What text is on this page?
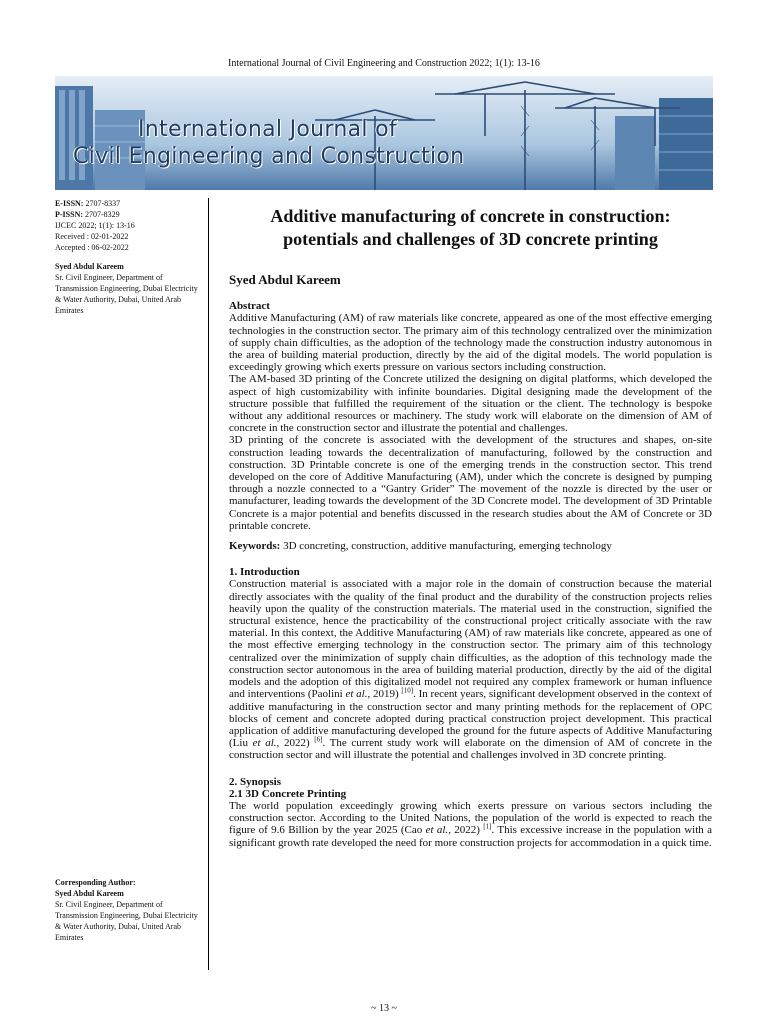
International Journal of Civil Engineering and Construction 2022; 1(1): 13-16
International Journal of
Civil Engineering and Construction
E-ISSN: 2707-8337
P-ISSN: 2707-8329
IJCEC 2022; 1(1): 13-16
Received : 02-01-2022
Accepted : 06-02-2022
Syed Abdul Kareem
Sr. Civil Engineer, Department of Transmission Engineering, Dubai Electricity & Water Authority, Dubai, United Arab Emirates
Corresponding Author:
Syed Abdul Kareem
Sr. Civil Engineer, Department of Transmission Engineering, Dubai Electricity & Water Authority, Dubai, United Arab Emirates
Additive manufacturing of concrete in construction:
potentials and challenges of 3D concrete printing
Syed Abdul Kareem
Abstract

Additive Manufacturing (AM) of raw materials like concrete, appeared as one of the most effective emerging technologies in the construction sector. The primary aim of this technology centralized over the minimization of supply chain difficulties, as the adoption of the technology made the construction industry autonomous in the area of building material production, directly by the aid of the digital models. The world population is exceedingly growing which exerts pressure on various sectors including construction.

The AM-based 3D printing of the Concrete utilized the designing on digital platforms, which developed the aspect of high customizability with infinite boundaries. Digital designing made the development of the structure possible that fulfilled the requirement of the situation or the client. The technology is bespoke without any additional resources or machinery. The study work will elaborate on the dimension of AM of concrete in the construction sector and illustrate the potential and challenges.

3D printing of the concrete is associated with the development of the structures and shapes, on-site construction leading towards the decentralization of manufacturing, followed by the construction and construction. 3D Printable concrete is one of the emerging trends in the construction sector. This trend developed on the core of Additive Manufacturing (AM), under which the concrete is designed by pumping through a nozzle connected to a “Gantry Grider” The movement of the nozzle is directed by the user or manufacturer, leading towards the development of the 3D Concrete model. The development of 3D Printable Concrete is a major potential and benefits discussed in the research studies about the AM of Concrete or 3D printable concrete.

Keywords: 3D concreting, construction, additive manufacturing, emerging technology

1. Introduction

Construction material is associated with a major role in the domain of construction because the material directly associates with the quality of the final product and the durability of the construction projects relies heavily upon the quality of the construction materials. The material used in the construction, signified the structural existence, hence the practicability of the constructional project critically associate with the raw material. In this context, the Additive Manufacturing (AM) of raw materials like concrete, appeared as one of the most effective emerging technology in the construction sector. The primary aim of this technology centralized over the minimization of supply chain difficulties, as the adoption of this technology made the construction sector autonomous in the area of building material production, directly by the aid of the digital models and the adoption of this digitalized model not required any complex framework or human influence and interventions (Paolini et al., 2019) [10]. In recent years, significant development observed in the context of additive manufacturing in the construction sector and many printing methods for the replacement of OPC blocks of cement and concrete adopted during practical construction project development. This practical application of additive manufacturing developed the ground for the future aspects of Additive Manufacturing (Liu et al., 2022) [6]. The current study work will elaborate on the dimension of AM of concrete in the construction sector and will illustrate the potential and challenges involved in 3D concrete printing.

2. Synopsis
2.1 3D Concrete Printing

The world population exceedingly growing which exerts pressure on various sectors including the construction sector. According to the United Nations, the population of the world is expected to reach the figure of 9.6 Billion by the year 2025 (Cao et al., 2022) [1]. This excessive increase in the population with a significant growth rate developed the need for more construction projects for accommodation in a quick time.

~ 13 ~
